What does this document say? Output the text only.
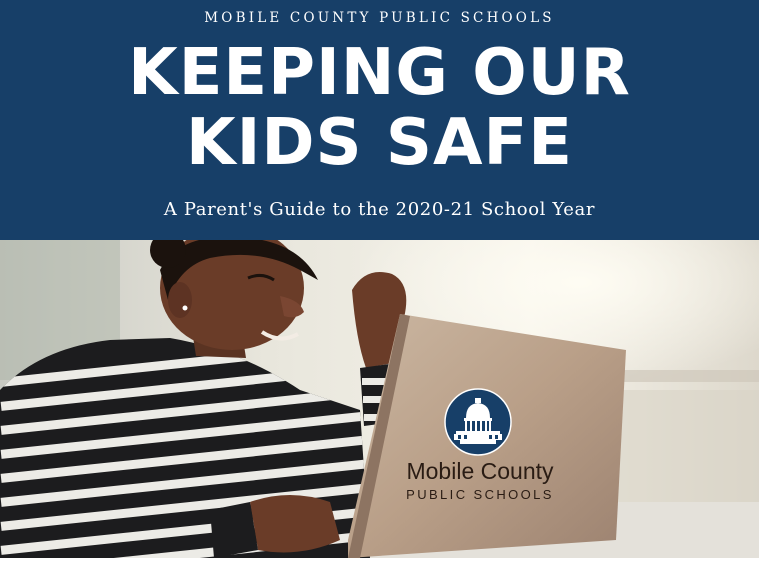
MOBILE COUNTY PUBLIC SCHOOLS
KEEPING OUR
KIDS SAFE
A Parent's Guide to the 2020-21 School Year
Mobile County
PUBLIC SCHOOLS
